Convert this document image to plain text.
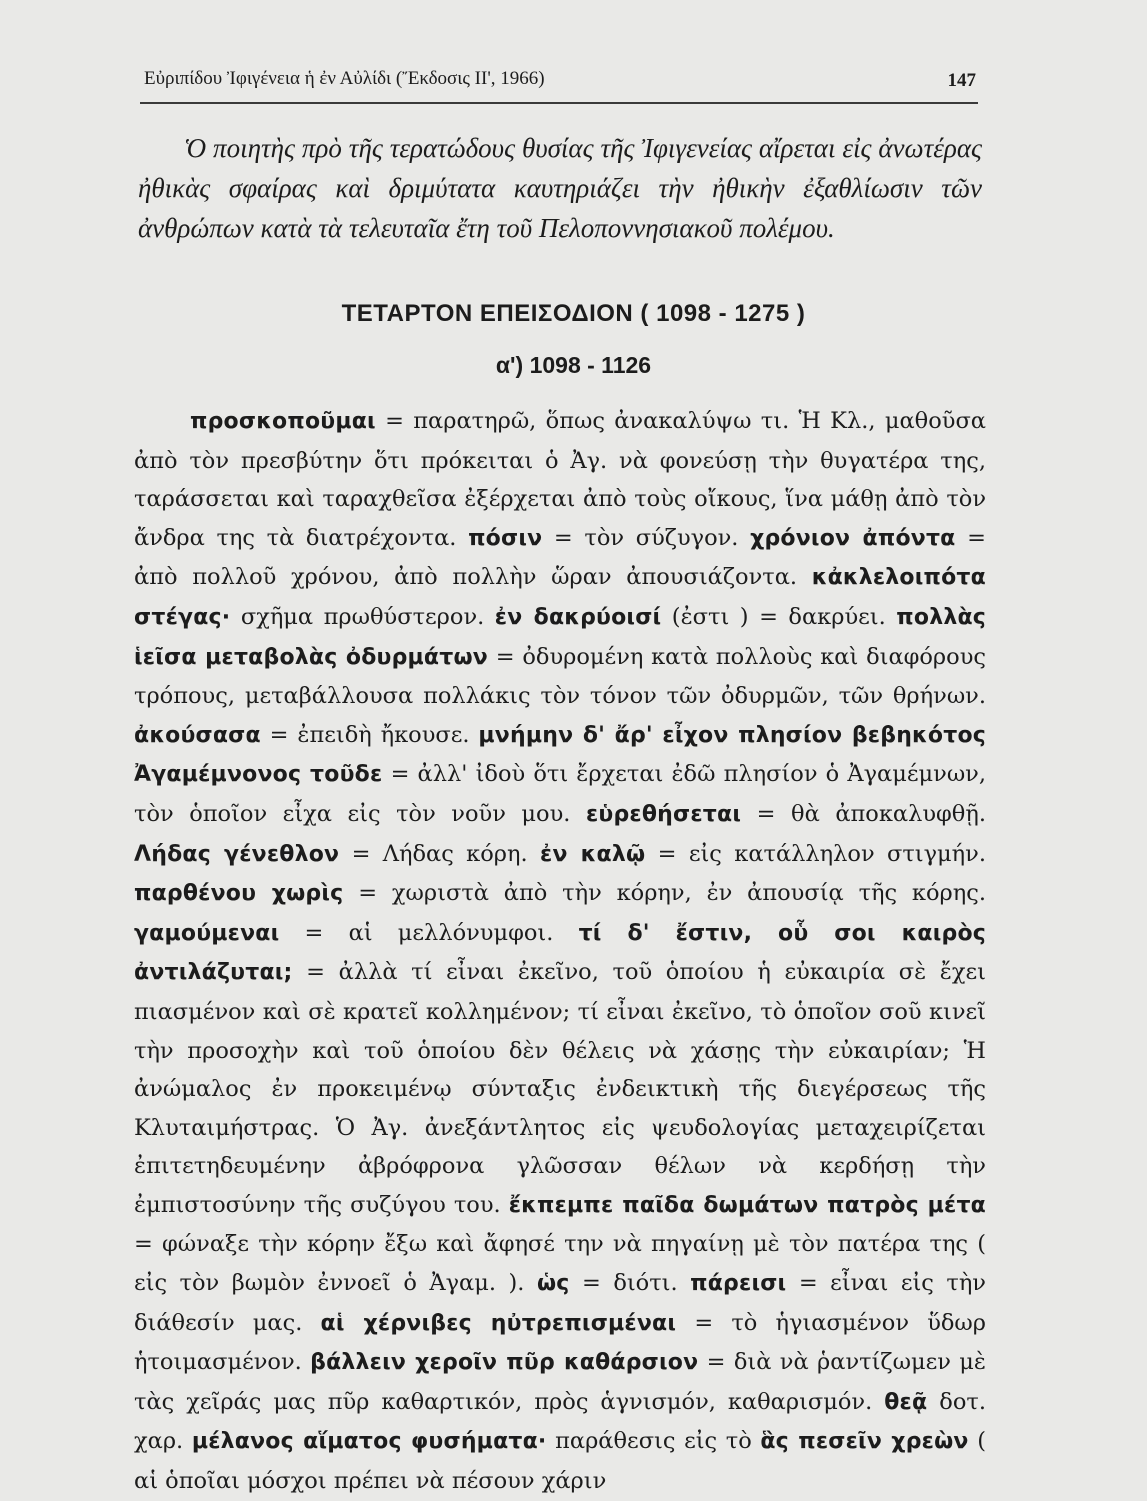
Εὐριπίδου Ἰφιγένεια ἡ ἐν Αὐλίδι (Ἔκδοσις ΙΙ', 1966)	147

Ὁ ποιητὴς πρὸ τῆς τερατώδους θυσίας τῆς Ἰφιγενείας αἴρεται εἰς ἀνωτέρας ἠθικὰς σφαίρας καὶ δριμύτατα καυτηριάζει τὴν ἠθικὴν ἐξαθλίωσιν τῶν ἀνθρώπων κατὰ τὰ τελευταῖα ἔτη τοῦ Πελοποννησιακοῦ πολέμου.

ΤΕΤΑΡΤΟΝ ΕΠΕΙΣΟΔΙΟΝ ( 1098 - 1275 )
α') 1098 - 1126

προσκοποῦμαι = παρατηρῶ, ὅπως ἀνακαλύψω τι. Ἡ Κλ., μαθοῦσα ἀπὸ τὸν πρεσβύτην ὅτι πρόκειται ὁ Ἀγ. νὰ φονεύσῃ τὴν θυγατέρα της, ταράσσεται καὶ ταραχθεῖσα ἐξέρχεται ἀπὸ τοὺς οἴκους, ἵνα μάθῃ ἀπὸ τὸν ἄνδρα της τὰ διατρέχοντα. πόσιν = τὸν σύζυγον. χρόνιον ἀπόντα = ἀπὸ πολλοῦ χρόνου, ἀπὸ πολλὴν ὥραν ἀπουσιάζοντα. κἀκλελοιπότα στέγας· σχῆμα πρωθύστερον. ἐν δακρύοισί (ἐστι ) = δακρύει. πολλὰς ἱεῖσα μεταβολὰς ὀδυρμάτων = ὀδυρομένη κατὰ πολλοὺς καὶ διαφόρους τρόπους, μεταβάλλουσα πολλάκις τὸν τόνον τῶν ὀδυρμῶν, τῶν θρήνων. ἀκούσασα = ἐπειδὴ ἤκουσε. μνήμην δ' ἄρ' εἶχον πλησίον βεβηκότος Ἀγαμέμνονος τοῦδε = ἀλλ' ἰδοὺ ὅτι ἔρχεται ἐδῶ πλησίον ὁ Ἀγαμέμνων, τὸν ὁποῖον εἶχα εἰς τὸν νοῦν μου. εὑρεθήσεται = θὰ ἀποκαλυφθῇ. Λήδας γένεθλον = Λήδας κόρη. ἐν καλῷ = εἰς κατάλληλον στιγμήν. παρθένου χωρὶς = χωριστὰ ἀπὸ τὴν κόρην, ἐν ἀπουσίᾳ τῆς κόρης. γαμούμεναι = αἱ μελλόνυμφοι. τί δ' ἔστιν, οὗ σοι καιρὸς ἀντιλάζυται; = ἀλλὰ τί εἶναι ἐκεῖνο, τοῦ ὁποίου ἡ εὐκαιρία σὲ ἔχει πιασμένον καὶ σὲ κρατεῖ κολλημένον; τί εἶναι ἐκεῖνο, τὸ ὁποῖον σοῦ κινεῖ τὴν προσοχὴν καὶ τοῦ ὁποίου δὲν θέλεις νὰ χάσῃς τὴν εὐκαιρίαν; Ἡ ἀνώμαλος ἐν προκειμένῳ σύνταξις ἐνδεικτικὴ τῆς διεγέρσεως τῆς Κλυταιμήστρας. Ὁ Ἀγ. ἀνεξάντλητος εἰς ψευδολογίας μεταχειρίζεται ἐπιτετηδευμένην ἀβρόφρονα γλῶσσαν θέλων νὰ κερδήσῃ τὴν ἐμπιστοσύνην τῆς συζύγου του. ἔκπεμπε παῖδα δωμάτων πατρὸς μέτα = φώναξε τὴν κόρην ἔξω καὶ ἄφησέ την νὰ πηγαίνῃ μὲ τὸν πατέρα της ( εἰς τὸν βωμὸν ἐννοεῖ ὁ Ἀγαμ. ). ὡς = διότι. πάρεισι = εἶναι εἰς τὴν διάθεσίν μας. αἱ χέρνιβες ηὐτρεπισμέναι = τὸ ἡγιασμένον ὕδωρ ἡτοιμασμένον. βάλλειν χεροῖν πῦρ καθάρσιον = διὰ νὰ ῥαντίζωμεν μὲ τὰς χεῖράς μας πῦρ καθαρτικόν, πρὸς ἁγνισμόν, καθαρισμόν. θεᾷ δοτ. χαρ. μέλανος αἵματος φυσήματα· παράθεσις εἰς τὸ ἃς πεσεῖν χρεὼν ( αἱ ὁποῖαι μόσχοι πρέπει νὰ πέσουν χάριν
